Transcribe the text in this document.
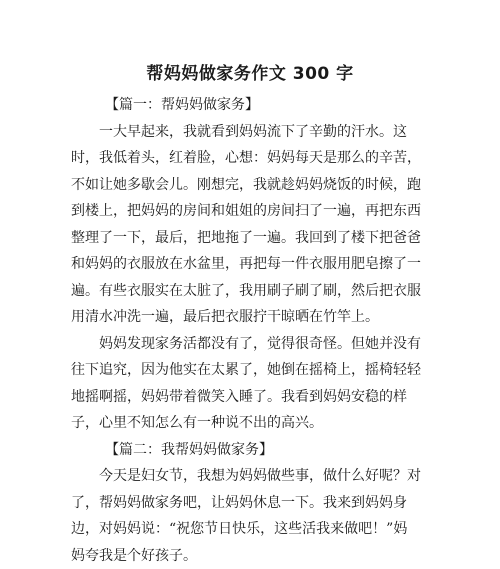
帮妈妈做家务作文 300 字

【篇一：帮妈妈做家务】

一大早起来，我就看到妈妈流下了辛勤的汗水。这
时，我低着头，红着脸，心想：妈妈每天是那么的辛苦，
不如让她多歇会儿。刚想完，我就趁妈妈烧饭的时候，跑
到楼上，把妈妈的房间和姐姐的房间扫了一遍，再把东西
整理了一下，最后，把地拖了一遍。我回到了楼下把爸爸
和妈妈的衣服放在水盆里，再把每一件衣服用肥皂擦了一
遍。有些衣服实在太脏了，我用刷子刷了刷，然后把衣服
用清水冲洗一遍，最后把衣服拧干晾晒在竹竿上。

妈妈发现家务活都没有了，觉得很奇怪。但她并没有
往下追究，因为他实在太累了，她倒在摇椅上，摇椅轻轻
地摇啊摇，妈妈带着微笑入睡了。我看到妈妈安稳的样
子，心里不知怎么有一种说不出的高兴。

【篇二：我帮妈妈做家务】

今天是妇女节，我想为妈妈做些事，做什么好呢？对
了，帮妈妈做家务吧，让妈妈休息一下。我来到妈妈身
边，对妈妈说：“祝您节日快乐，这些活我来做吧！”妈
妈夸我是个好孩子。
